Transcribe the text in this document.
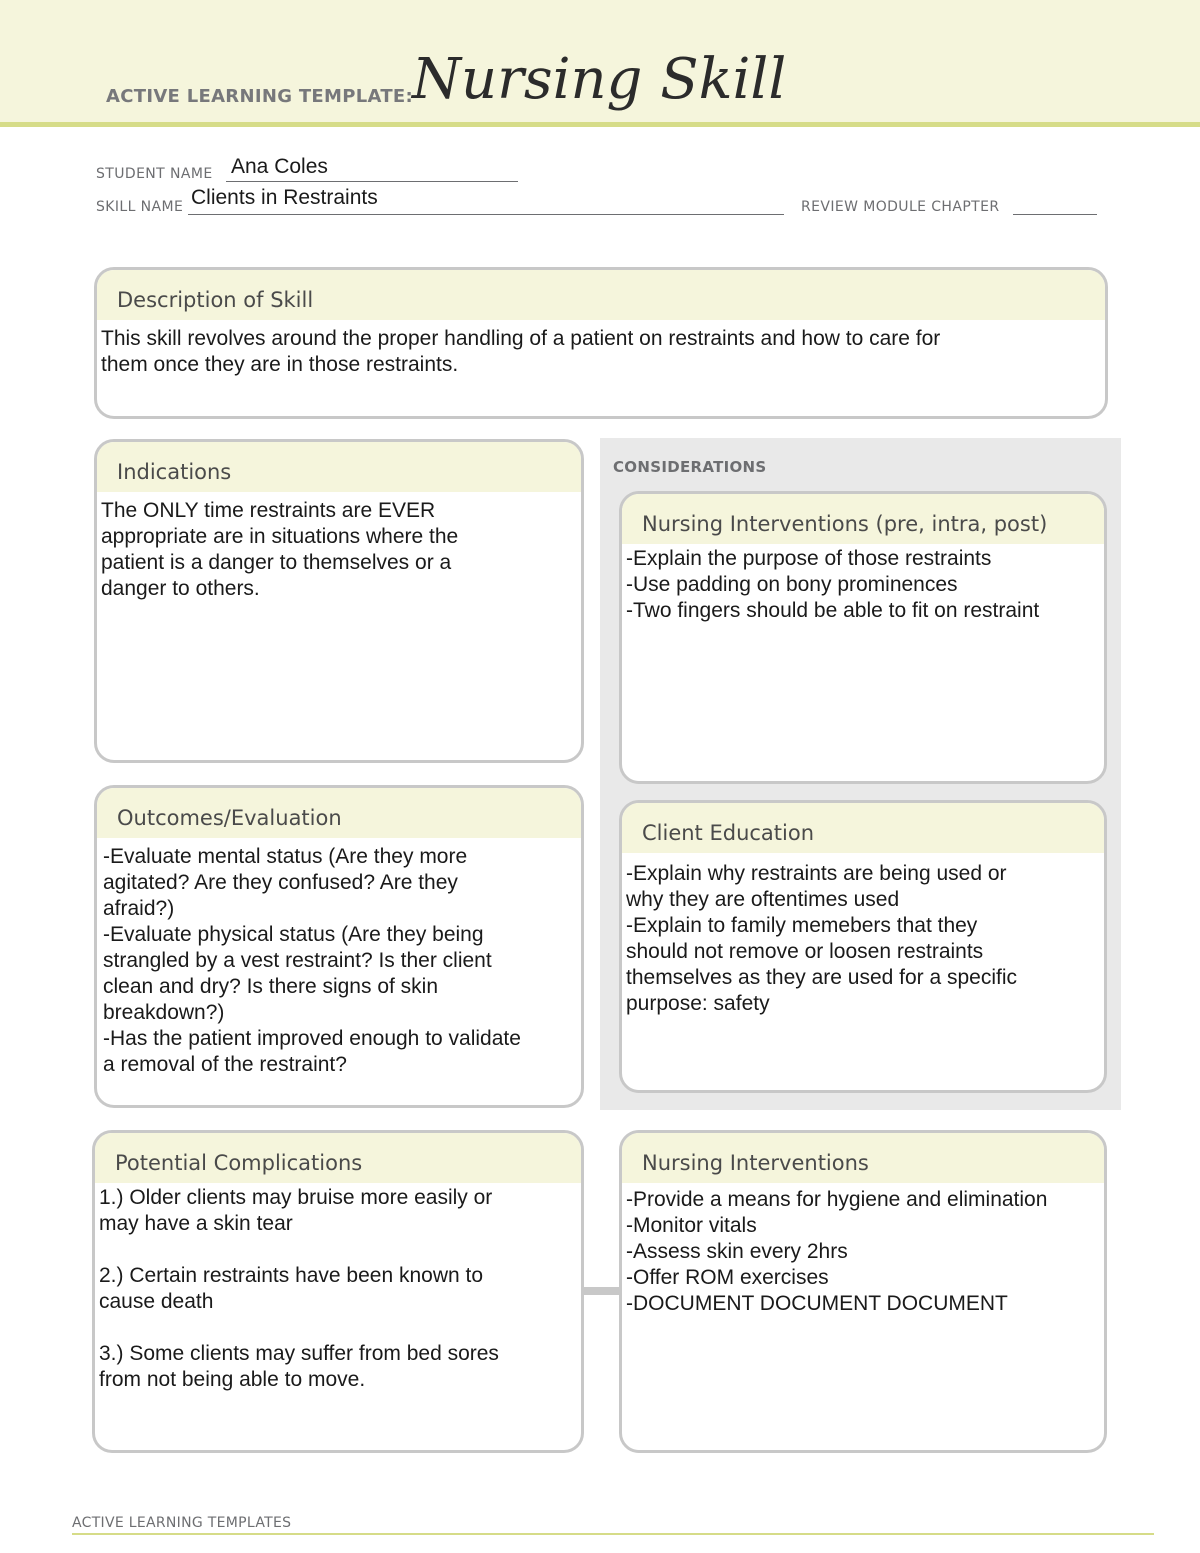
ACTIVE LEARNING TEMPLATE: Nursing Skill
STUDENT NAME Ana Coles
SKILL NAME Clients in Restraints	REVIEW MODULE CHAPTER
Description of Skill
This skill revolves around the proper handling of a patient on restraints and how to care for
them once they are in those restraints.
CONSIDERATIONS
Indications
The ONLY time restraints are EVER
appropriate are in situations where the
patient is a danger to themselves or a
danger to others.
Nursing Interventions (pre, intra, post)
-Explain the purpose of those restraints
-Use padding on bony prominences
-Two fingers should be able to fit on restraint
Outcomes/Evaluation
-Evaluate mental status (Are they more
agitated? Are they confused? Are they
afraid?)
-Evaluate physical status (Are they being
strangled by a vest restraint? Is ther client
clean and dry? Is there signs of skin
breakdown?)
-Has the patient improved enough to validate
a removal of the restraint?
Client Education
-Explain why restraints are being used or
why they are oftentimes used
-Explain to family memebers that they
should not remove or loosen restraints
themselves as they are used for a specific
purpose: safety
Potential Complications
1.) Older clients may bruise more easily or
may have a skin tear

2.) Certain restraints have been known to
cause death

3.) Some clients may suffer from bed sores
from not being able to move.
Nursing Interventions
-Provide a means for hygiene and elimination
-Monitor vitals
-Assess skin every 2hrs
-Offer ROM exercises
-DOCUMENT DOCUMENT DOCUMENT
ACTIVE LEARNING TEMPLATES
